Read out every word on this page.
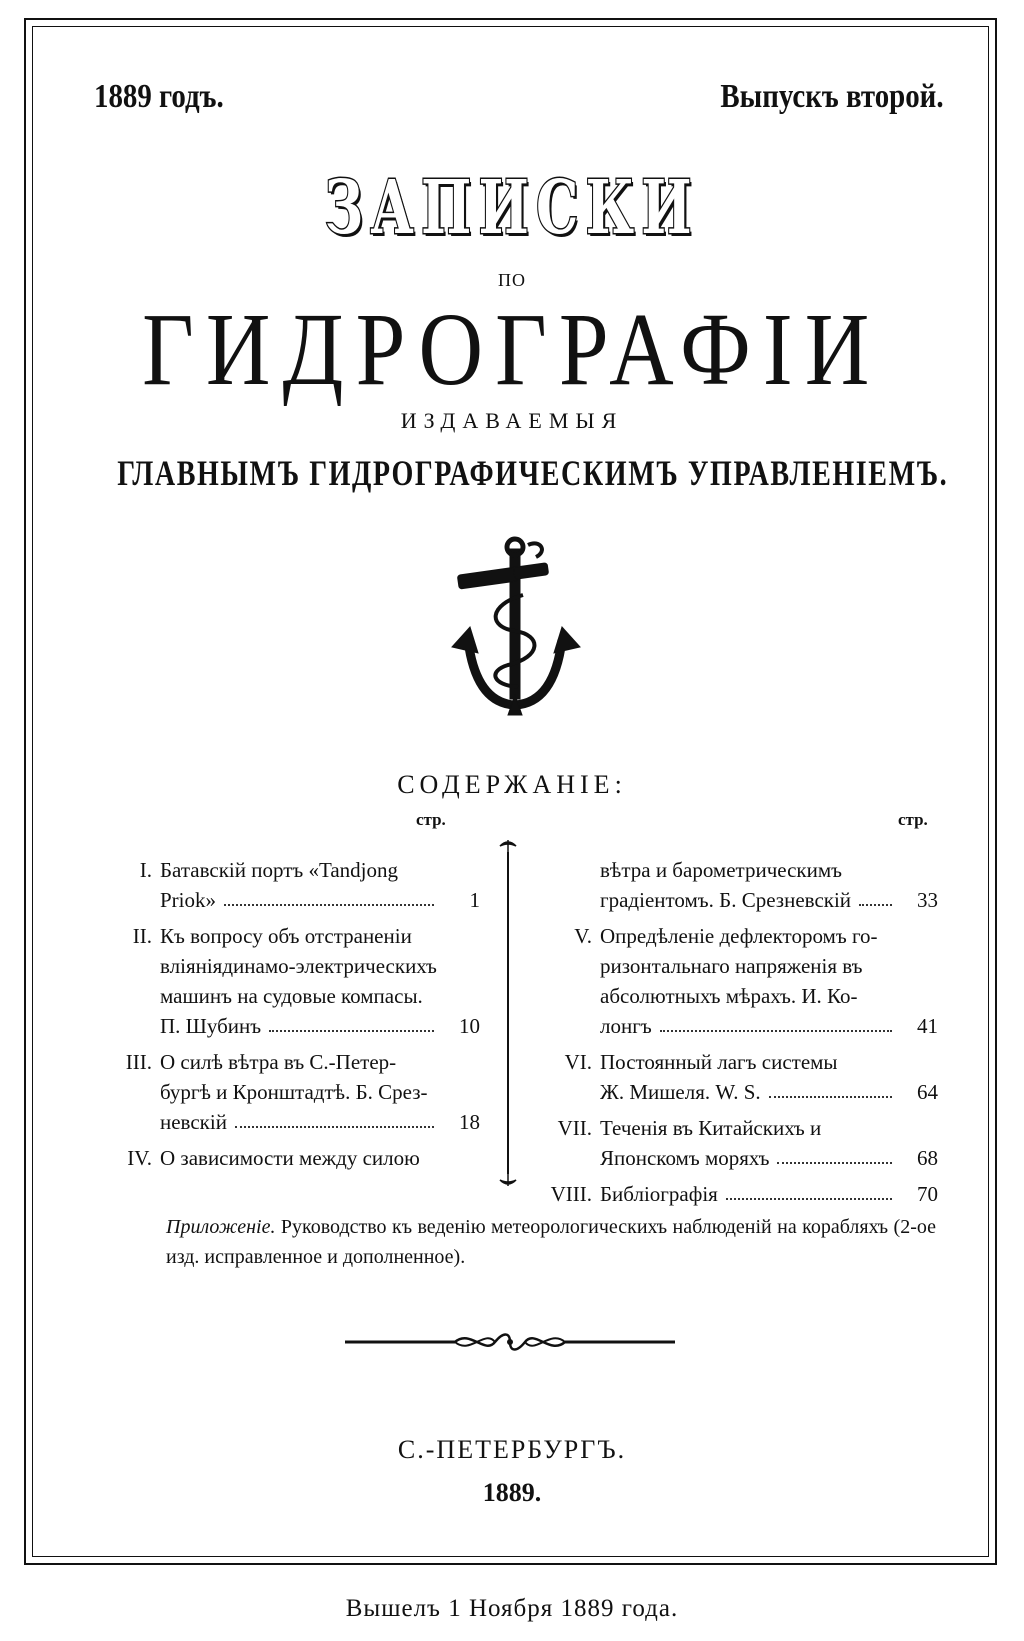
1889 годъ.	Выпускъ второй.
ЗАПИСКИ
по
ГИДРОГРАФІИ
ИЗДАВАЕМЫЯ
ГЛАВНЫМЪ ГИДРОГРАФИЧЕСКИМЪ УПРАВЛЕНІЕМЪ.
СОДЕРЖАНІЕ:
стр.	стр.
I. Батавскій портъ «Tandjong
Priok»	1
II. Къ вопросу объ отстраненіи
вліяніядинамо-электрическихъ
машинъ на судовые компасы.
П. Шубинъ	10
III. О силѣ вѣтра въ С.-Петер-
бургѣ и Кронштадтѣ. Б. Срез-
невскій	18
IV. О зависимости между силою
вѣтра и барометрическимъ
градіентомъ. Б. Срезневскій	33
V. Опредѣленіе дефлекторомъ го-
ризонтальнаго напряженія въ
абсолютныхъ мѣрахъ. И. Ко-
лонгъ	41
VI. Постоянный лагъ системы
Ж. Мишеля. W. S.	64
VII. Теченія въ Китайскихъ и
Японскомъ моряхъ	68
VIII. Библіографія	70
Приложеніе. Руководство къ веденію метеорологическихъ наблюденій на корабляхъ (2-ое изд. исправленное и дополненное).
С.-ПЕТЕРБУРГЪ.
1889.
Вышелъ 1 Ноября 1889 года.
